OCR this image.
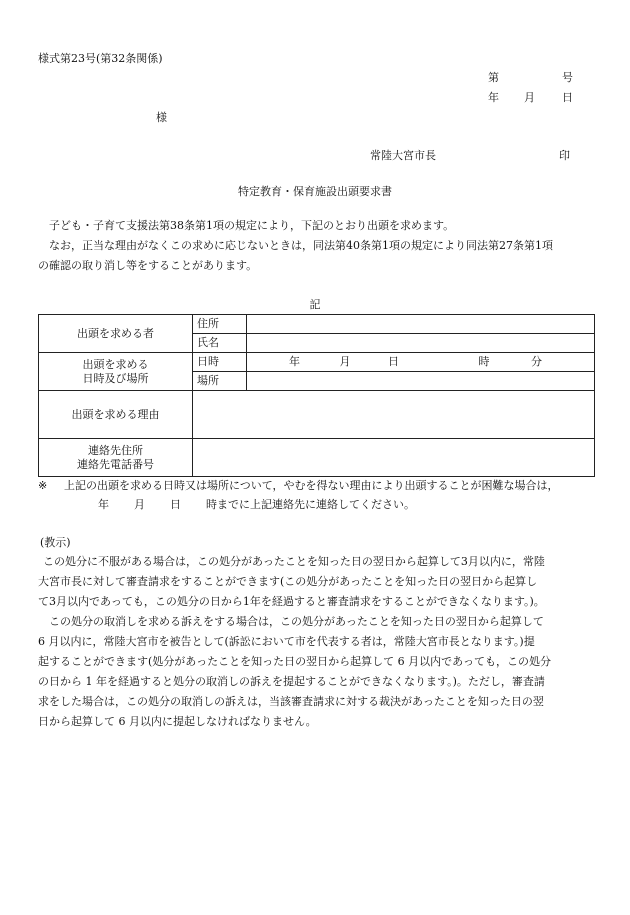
様式第23号(第32条関係)
第	号
年 月 日
様
常陸大宮市長	印
特定教育・保育施設出頭要求書
子ども・子育て支援法第38条第1項の規定により，下記のとおり出頭を求めます。
なお，正当な理由がなくこの求めに応じないときは，同法第40条第1項の規定により同法第27条第1項
の確認の取り消し等をすることがあります。
記
出頭を求める者	住所	
	氏名	

出頭を求める
日時及び場所	日時	年 月 日 時 分
	場所	
出頭を求める理由		

連絡先住所
連絡先電話番号		

※ 上記の出頭を求める日時又は場所について，やむを得ない理由により出頭することが困難な場合は，
年 月 日 時までに上記連絡先に連絡してください。
(教示)
この処分に不服がある場合は，この処分があったことを知った日の翌日から起算して3月以内に，常陸
大宮市長に対して審査請求をすることができます(この処分があったことを知った日の翌日から起算し
て3月以内であっても，この処分の日から1年を経過すると審査請求をすることができなくなります。)。
この処分の取消しを求める訴えをする場合は，この処分があったことを知った日の翌日から起算して
6 月以内に，常陸大宮市を被告として(訴訟において市を代表する者は，常陸大宮市長となります。)提
起することができます(処分があったことを知った日の翌日から起算して 6 月以内であっても，この処分
の日から 1 年を経過すると処分の取消しの訴えを提起することができなくなります。)。ただし，審査請
求をした場合は，この処分の取消しの訴えは，当該審査請求に対する裁決があったことを知った日の翌
日から起算して 6 月以内に提起しなければなりません。
